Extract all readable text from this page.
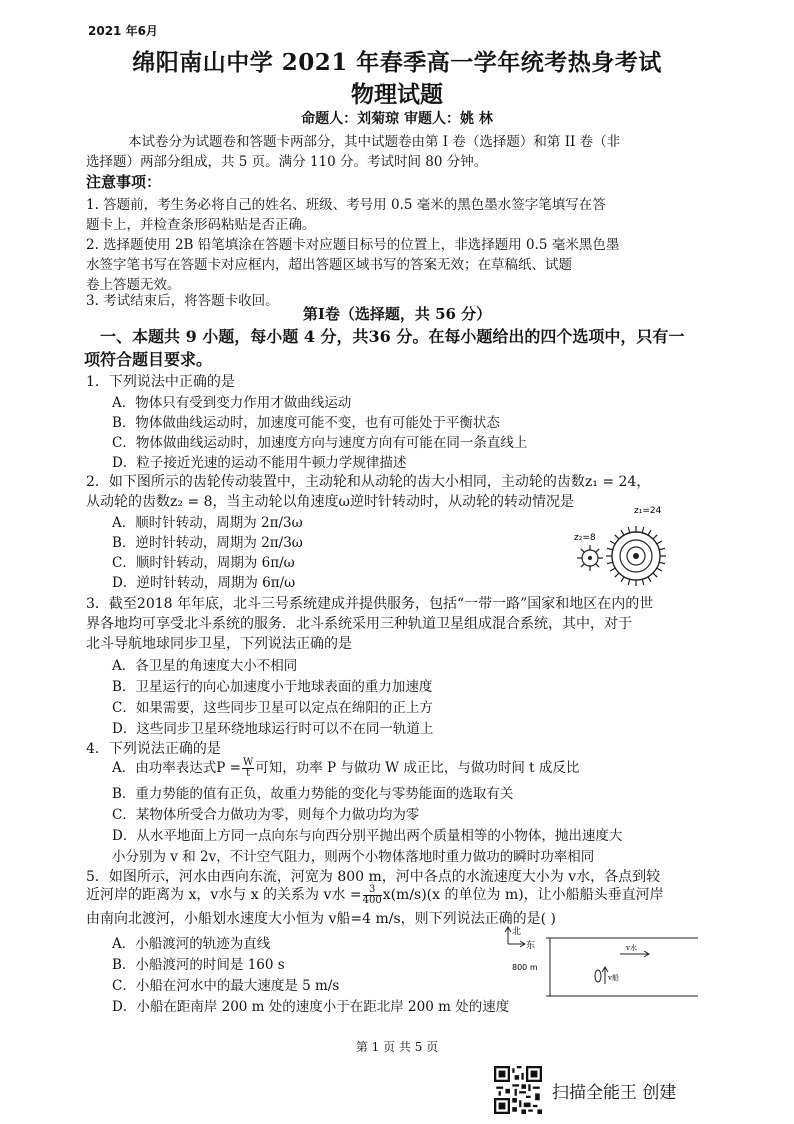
2021 年6月
绵阳南山中学 2021 年春季高一学年统考热身考试
物理试题
命题人：刘菊琼 审题人：姚 林
本试卷分为试题卷和答题卡两部分，其中试题卷由第 I 卷（选择题）和第 II 卷（非
选择题）两部分组成，共 5 页。满分 110 分。考试时间 80 分钟。
注意事项：
1. 答题前，考生务必将自己的姓名、班级、考号用 0.5 毫米的黑色墨水签字笔填写在答
题卡上，并检查条形码粘贴是否正确。
2. 选择题使用 2B 铅笔填涂在答题卡对应题目标号的位置上，非选择题用 0.5 毫米黑色墨
水签字笔书写在答题卡对应框内，超出答题区域书写的答案无效；在草稿纸、试题
卷上答题无效。
3. 考试结束后，将答题卡收回。
第Ⅰ卷（选择题，共 56 分）
一、本题共 9 小题，每小题 4 分，共36 分。在每小题给出的四个选项中，只有一
项符合题目要求。
1．下列说法中正确的是
A．物体只有受到变力作用才做曲线运动
B．物体做曲线运动时，加速度可能不变，也有可能处于平衡状态
C．物体做曲线运动时，加速度方向与速度方向有可能在同一条直线上
D．粒子接近光速的运动不能用牛顿力学规律描述
2．如下图所示的齿轮传动装置中，主动轮和从动轮的齿大小相同，主动轮的齿数z₁ = 24，
从动轮的齿数z₂ = 8，当主动轮以角速度ω逆时针转动时，从动轮的转动情况是
A．顺时针转动，周期为 2π/3ω
B．逆时针转动，周期为 2π/3ω
C．顺时针转动，周期为 6π/ω
D．逆时针转动，周期为 6π/ω
z₁=24
z₂=8
3．截至2018 年年底，北斗三号系统建成并提供服务，包括“一带一路”国家和地区在内的世
界各地均可享受北斗系统的服务．北斗系统采用三种轨道卫星组成混合系统，其中，对于
北斗导航地球同步卫星，下列说法正确的是
A．各卫星的角速度大小不相同
B．卫星运行的向心加速度小于地球表面的重力加速度
C．如果需要，这些同步卫星可以定点在绵阳的正上方
D．这些同步卫星环绕地球运行时可以不在同一轨道上
4．下列说法正确的是
A．由功率表达式$P = \frac{W}{t}$ 可知，功率 P 与做功 W 成正比，与做功时间 t 成反比
B．重力势能的值有正负，故重力势能的变化与零势能面的选取有关
C．某物体所受合力做功为零，则每个力做功均为零
D．从水平地面上方同一点向东与向西分别平抛出两个质量相等的小物体，抛出速度大
小分别为 v 和 2v，不计空气阻力，则两个小物体落地时重力做功的瞬时功率相同
5．如图所示，河水由西向东流，河宽为 800 m，河中各点的水流速度大小为 v水，各点到较
近河岸的距离为 x，v水与 x 的关系为 v水 = $\frac{3}{400} x(m/s)(x$ 的单位为 m)，让小船船头垂直河岸
由南向北渡河，小船划水速度大小恒为 v船=4 m/s，则下列说法正确的是( )
A．小船渡河的轨迹为直线
B．小船渡河的时间是 160 s
C．小船在河水中的最大速度是 5 m/s
D．小船在距南岸 200 m 处的速度小于在距北岸 200 m 处的速度
北
东
800 m
v水
v船
第 1 页 共 5 页
扫描全能王 创建
